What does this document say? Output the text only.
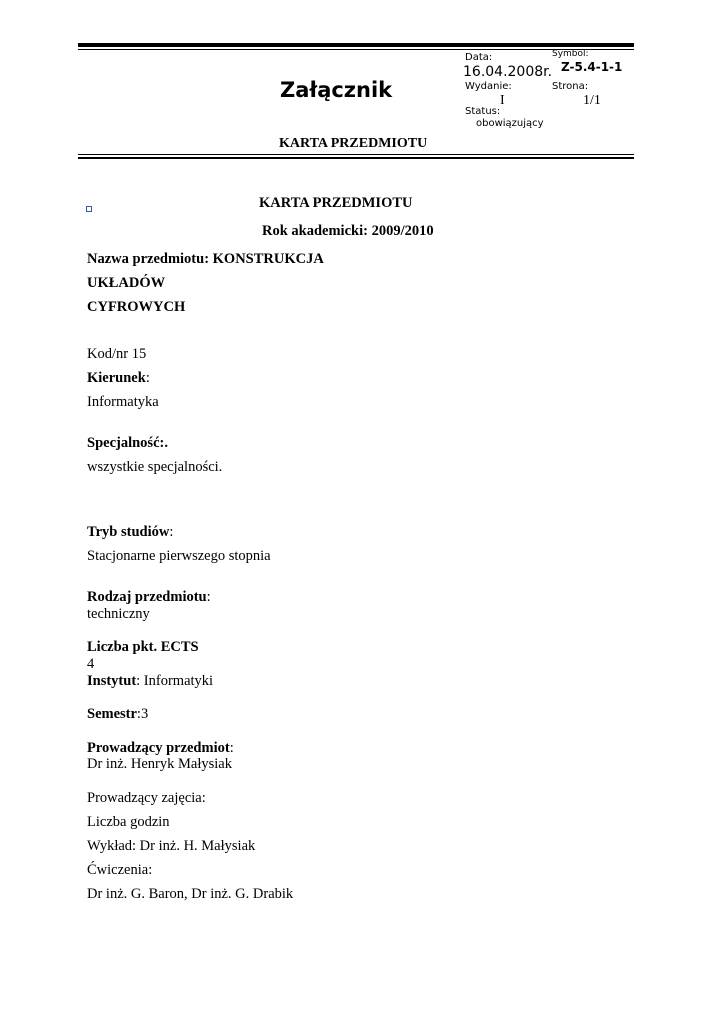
Załącznik
KARTA PRZEDMIOTU
Data:
16.04.2008r.
Symbol:
Z-5.4-1-1
Wydanie:
I
Strona:
1/1
Status:
obowiązujący
KARTA PRZEDMIOTU
Rok akademicki: 2009/2010
Nazwa przedmiotu: KONSTRUKCJA
UKŁADÓW
CYFROWYCH
Kod/nr 15
Kierunek:
Informatyka
Specjalność:.
wszystkie specjalności.
Tryb studiów:
Stacjonarne pierwszego stopnia
Rodzaj przedmiotu:
techniczny
Liczba pkt. ECTS
4
Instytut: Informatyki
Semestr:3
Prowadzący przedmiot:
Dr inż. Henryk Małysiak
Prowadzący zajęcia:
Liczba godzin
Wykład: Dr inż. H. Małysiak
Ćwiczenia:
Dr inż. G. Baron, Dr inż. G. Drabik
